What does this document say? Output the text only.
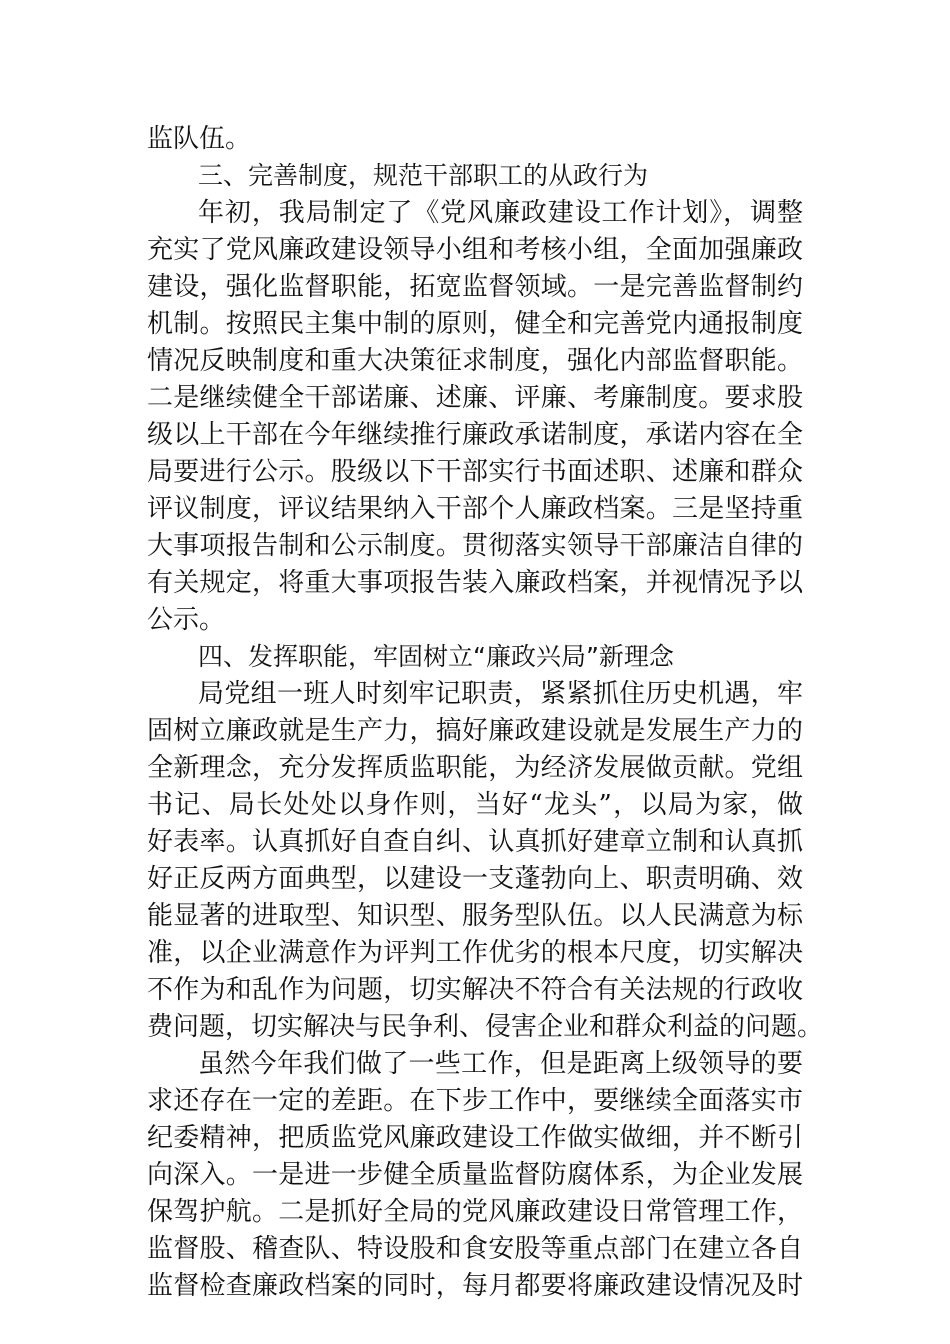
监队伍。
三、完善制度，规范干部职工的从政行为
年初，我局制定了《党风廉政建设工作计划》，调整
充实了党风廉政建设领导小组和考核小组，全面加强廉政
建设，强化监督职能，拓宽监督领域。一是完善监督制约
机制。按照民主集中制的原则，健全和完善党内通报制度
情况反映制度和重大决策征求制度，强化内部监督职能。
二是继续健全干部诺廉、述廉、评廉、考廉制度。要求股
级以上干部在今年继续推行廉政承诺制度，承诺内容在全
局要进行公示。股级以下干部实行书面述职、述廉和群众
评议制度，评议结果纳入干部个人廉政档案。三是坚持重
大事项报告制和公示制度。贯彻落实领导干部廉洁自律的
有关规定，将重大事项报告装入廉政档案，并视情况予以
公示。
四、发挥职能，牢固树立“廉政兴局”新理念
局党组一班人时刻牢记职责，紧紧抓住历史机遇，牢
固树立廉政就是生产力，搞好廉政建设就是发展生产力的
全新理念，充分发挥质监职能，为经济发展做贡献。党组
书记、局长处处以身作则，当好“龙头”，以局为家，做
好表率。认真抓好自查自纠、认真抓好建章立制和认真抓
好正反两方面典型，以建设一支蓬勃向上、职责明确、效
能显著的进取型、知识型、服务型队伍。以人民满意为标
准，以企业满意作为评判工作优劣的根本尺度，切实解决
不作为和乱作为问题，切实解决不符合有关法规的行政收
费问题，切实解决与民争利、侵害企业和群众利益的问题。
虽然今年我们做了一些工作，但是距离上级领导的要
求还存在一定的差距。在下步工作中，要继续全面落实市
纪委精神，把质监党风廉政建设工作做实做细，并不断引
向深入。一是进一步健全质量监督防腐体系，为企业发展
保驾护航。二是抓好全局的党风廉政建设日常管理工作，
监督股、稽查队、特设股和食安股等重点部门在建立各自
监督检查廉政档案的同时，每月都要将廉政建设情况及时
